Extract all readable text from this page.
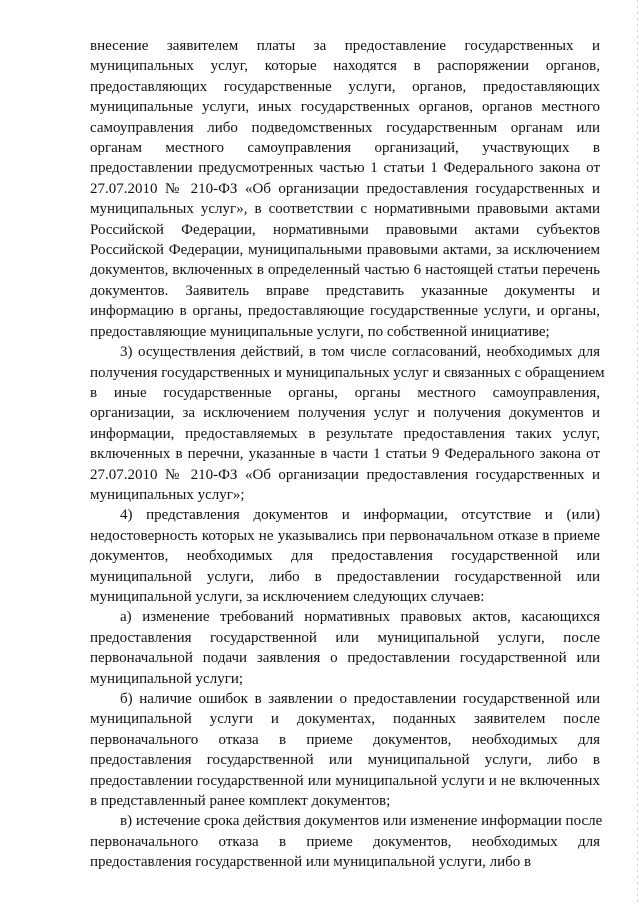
внесение заявителем платы за предоставление государственных и
муниципальных услуг, которые находятся в распоряжении органов,
предоставляющих государственные услуги, органов, предоставляющих
муниципальные услуги, иных государственных органов, органов местного
самоуправления либо подведомственных государственным органам или
органам местного самоуправления организаций, участвующих в
предоставлении предусмотренных частью 1 статьи 1 Федерального закона от
27.07.2010 № 210-ФЗ «Об организации предоставления государственных и
муниципальных услуг», в соответствии с нормативными правовыми актами
Российской Федерации, нормативными правовыми актами субъектов
Российской Федерации, муниципальными правовыми актами, за исключением
документов, включенных в определенный частью 6 настоящей статьи перечень
документов. Заявитель вправе представить указанные документы и
информацию в органы, предоставляющие государственные услуги, и органы,
предоставляющие муниципальные услуги, по собственной инициативе;
3) осуществления действий, в том числе согласований, необходимых для
получения государственных и муниципальных услуг и связанных с обращением
в иные государственные органы, органы местного самоуправления,
организации, за исключением получения услуг и получения документов и
информации, предоставляемых в результате предоставления таких услуг,
включенных в перечни, указанные в части 1 статьи 9 Федерального закона от
27.07.2010 № 210-ФЗ «Об организации предоставления государственных и
муниципальных услуг»;
4) представления документов и информации, отсутствие и (или)
недостоверность которых не указывались при первоначальном отказе в приеме
документов, необходимых для предоставления государственной или
муниципальной услуги, либо в предоставлении государственной или
муниципальной услуги, за исключением следующих случаев:
а) изменение требований нормативных правовых актов, касающихся
предоставления государственной или муниципальной услуги, после
первоначальной подачи заявления о предоставлении государственной или
муниципальной услуги;
б) наличие ошибок в заявлении о предоставлении государственной или
муниципальной услуги и документах, поданных заявителем после
первоначального отказа в приеме документов, необходимых для
предоставления государственной или муниципальной услуги, либо в
предоставлении государственной или муниципальной услуги и не включенных
в представленный ранее комплект документов;
в) истечение срока действия документов или изменение информации после
первоначального отказа в приеме документов, необходимых для
предоставления государственной или муниципальной услуги, либо в
